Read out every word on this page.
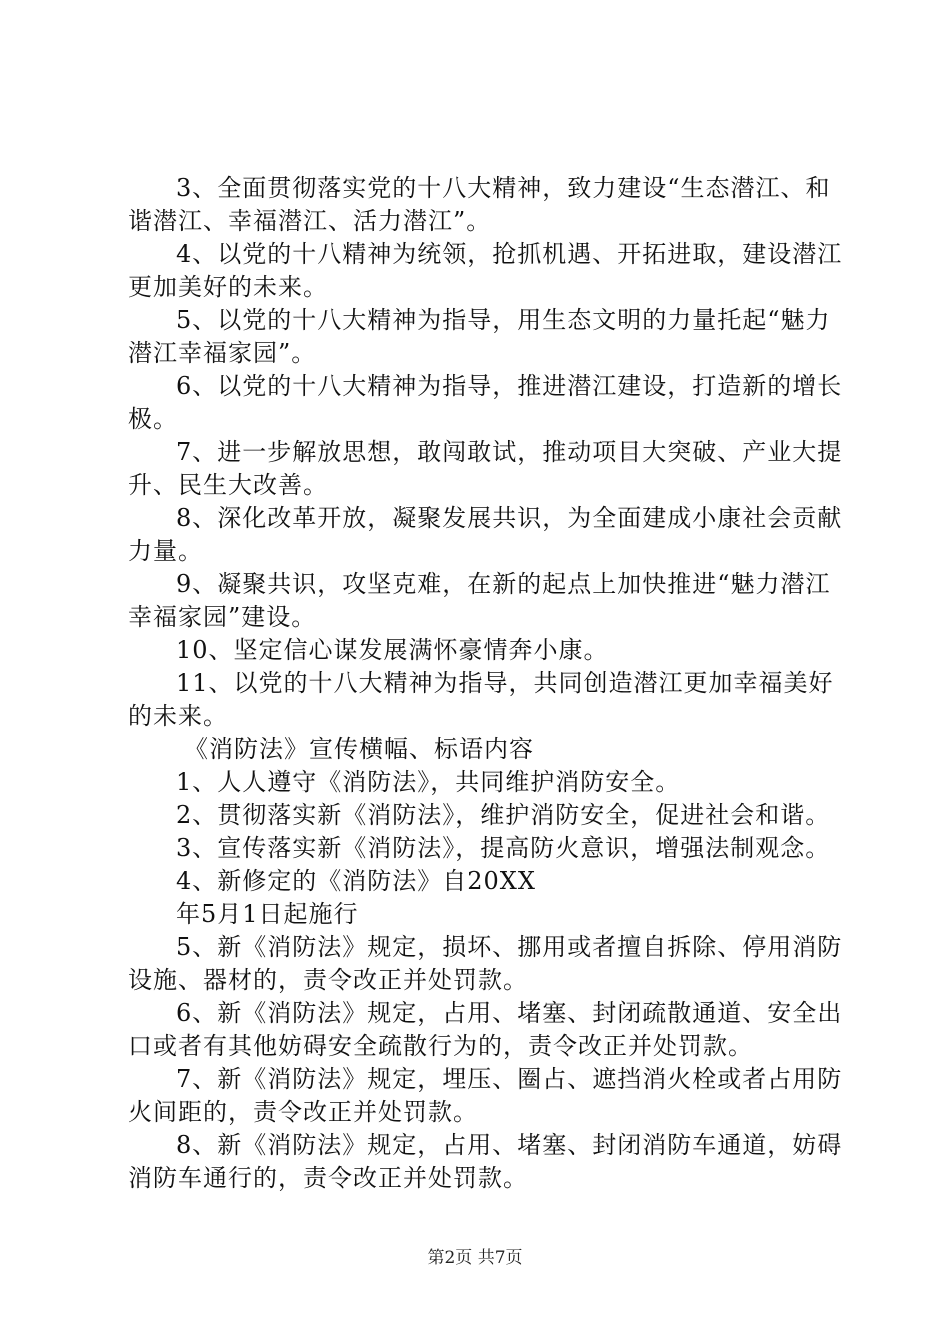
3、全面贯彻落实党的十八大精神，致力建设“生态潜江、和谐潜江、幸福潜江、活力潜江”。

4、以党的十八精神为统领，抢抓机遇、开拓进取，建设潜江更加美好的未来。

5、以党的十八大精神为指导，用生态文明的力量托起“魅力潜江幸福家园”。

6、以党的十八大精神为指导，推进潜江建设，打造新的增长极。

7、进一步解放思想，敢闯敢试，推动项目大突破、产业大提升、民生大改善。

8、深化改革开放，凝聚发展共识，为全面建成小康社会贡献力量。

9、凝聚共识，攻坚克难，在新的起点上加快推进“魅力潜江幸福家园”建设。

10、坚定信心谋发展满怀豪情奔小康。

11、以党的十八大精神为指导，共同创造潜江更加幸福美好的未来。

《消防法》宣传横幅、标语内容

1、人人遵守《消防法》，共同维护消防安全。

2、贯彻落实新《消防法》，维护消防安全，促进社会和谐。

3、宣传落实新《消防法》，提高防火意识，增强法制观念。

4、新修定的《消防法》自20XX

年5月1日起施行

5、新《消防法》规定，损坏、挪用或者擅自拆除、停用消防设施、器材的，责令改正并处罚款。

6、新《消防法》规定，占用、堵塞、封闭疏散通道、安全出口或者有其他妨碍安全疏散行为的，责令改正并处罚款。

7、新《消防法》规定，埋压、圈占、遮挡消火栓或者占用防火间距的，责令改正并处罚款。

8、新《消防法》规定，占用、堵塞、封闭消防车通道，妨碍消防车通行的，责令改正并处罚款。

第2页 共7页
